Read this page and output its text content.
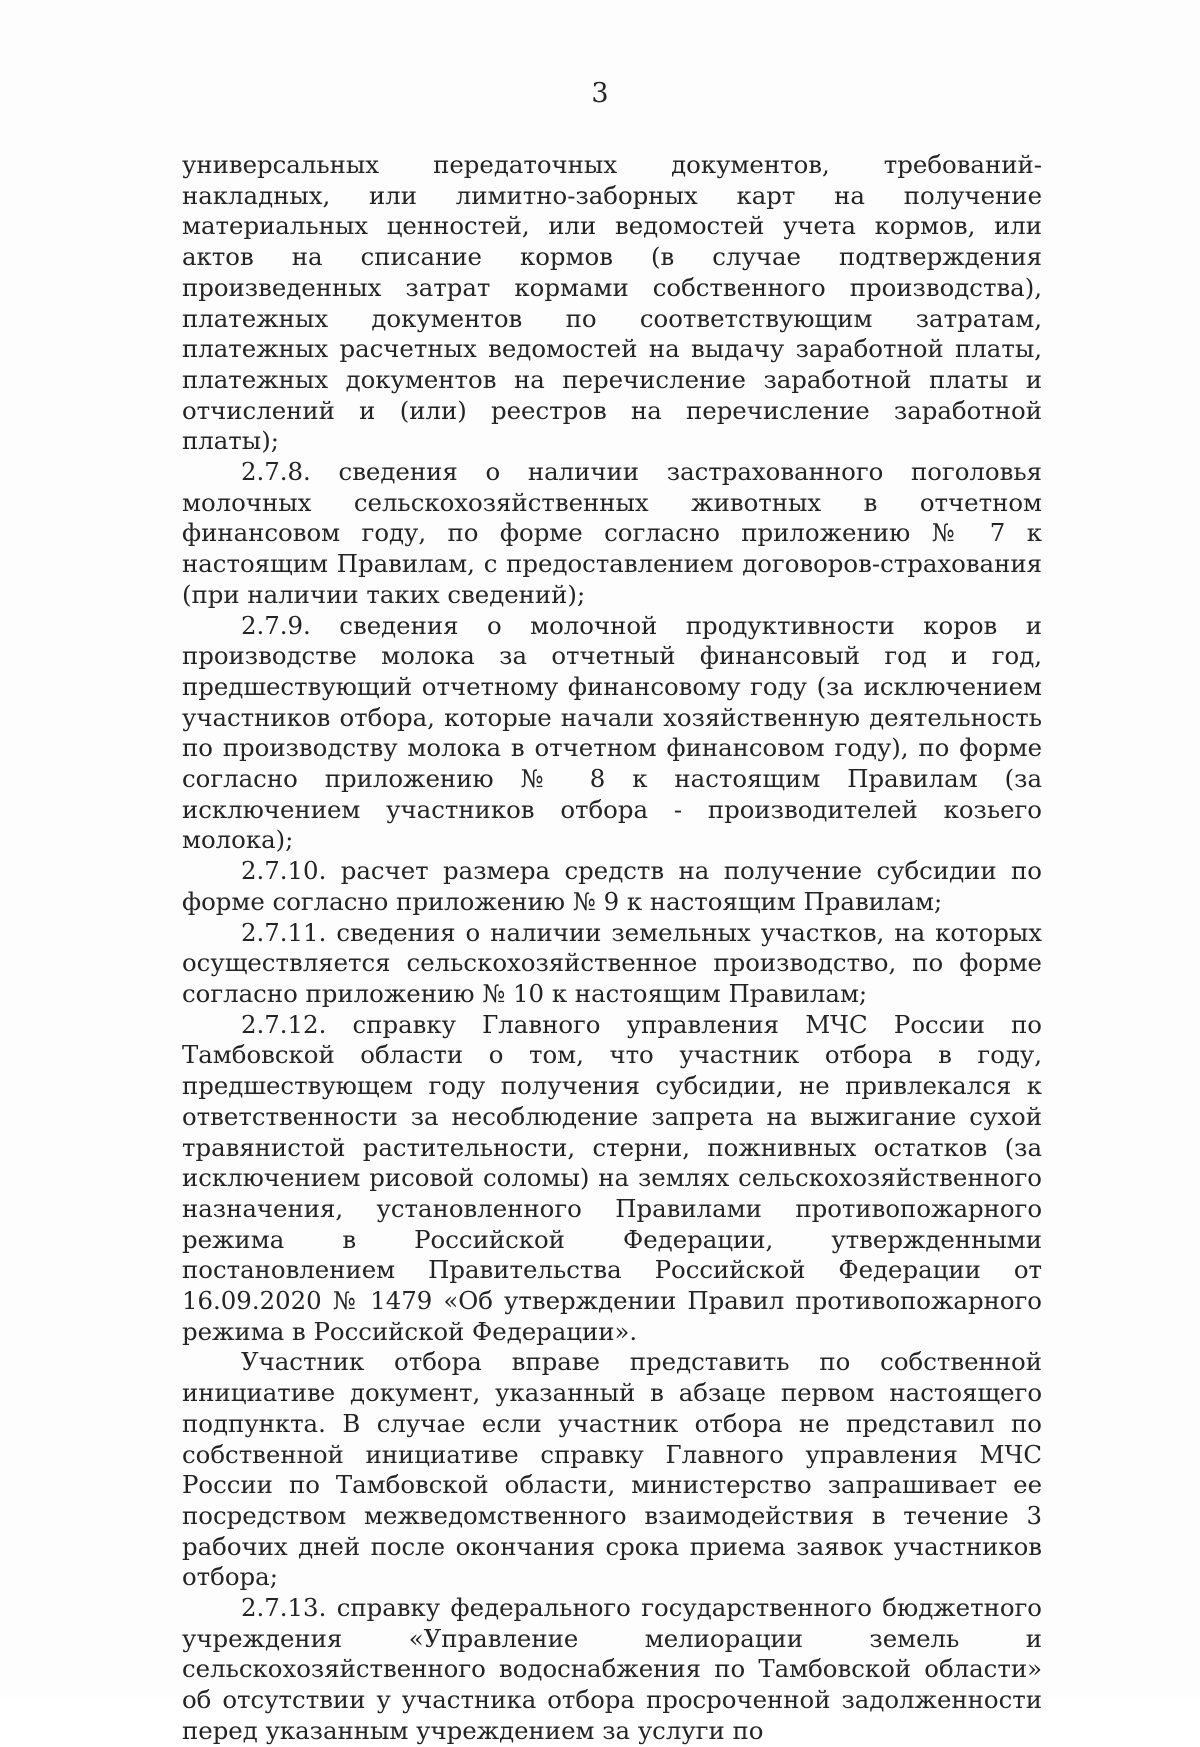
3

универсальных передаточных документов, требований-накладных, или лимитно-заборных карт на получение материальных ценностей, или ведомостей учета кормов, или актов на списание кормов (в случае подтверждения произведенных затрат кормами собственного производства), платежных документов по соответствующим затратам, платежных расчетных ведомостей на выдачу заработной платы, платежных документов на перечисление заработной платы и отчислений и (или) реестров на перечисление заработной платы);

2.7.8. сведения о наличии застрахованного поголовья молочных сельскохозяйственных животных в отчетном финансовом году, по форме согласно приложению № 7 к настоящим Правилам, с предоставлением договоров-страхования (при наличии таких сведений);

2.7.9. сведения о молочной продуктивности коров и производстве молока за отчетный финансовый год и год, предшествующий отчетному финансовому году (за исключением участников отбора, которые начали хозяйственную деятельность по производству молока в отчетном финансовом году), по форме согласно приложению № 8 к настоящим Правилам (за исключением участников отбора - производителей козьего молока);

2.7.10. расчет размера средств на получение субсидии по форме согласно приложению № 9 к настоящим Правилам;

2.7.11. сведения о наличии земельных участков, на которых осуществляется сельскохозяйственное производство, по форме согласно приложению № 10 к настоящим Правилам;

2.7.12. справку Главного управления МЧС России по Тамбовской области о том, что участник отбора в году, предшествующем году получения субсидии, не привлекался к ответственности за несоблюдение запрета на выжигание сухой травянистой растительности, стерни, пожнивных остатков (за исключением рисовой соломы) на землях сельскохозяйственного назначения, установленного Правилами противопожарного режима в Российской Федерации, утвержденными постановлением Правительства Российской Федерации от 16.09.2020 № 1479 «Об утверждении Правил противопожарного режима в Российской Федерации».

Участник отбора вправе представить по собственной инициативе документ, указанный в абзаце первом настоящего подпункта. В случае если участник отбора не представил по собственной инициативе справку Главного управления МЧС России по Тамбовской области, министерство запрашивает ее посредством межведомственного взаимодействия в течение 3 рабочих дней после окончания срока приема заявок участников отбора;

2.7.13. справку федерального государственного бюджетного учреждения «Управление мелиорации земель и сельскохозяйственного водоснабжения по Тамбовской области» об отсутствии у участника отбора просроченной задолженности перед указанным учреждением за услуги по
